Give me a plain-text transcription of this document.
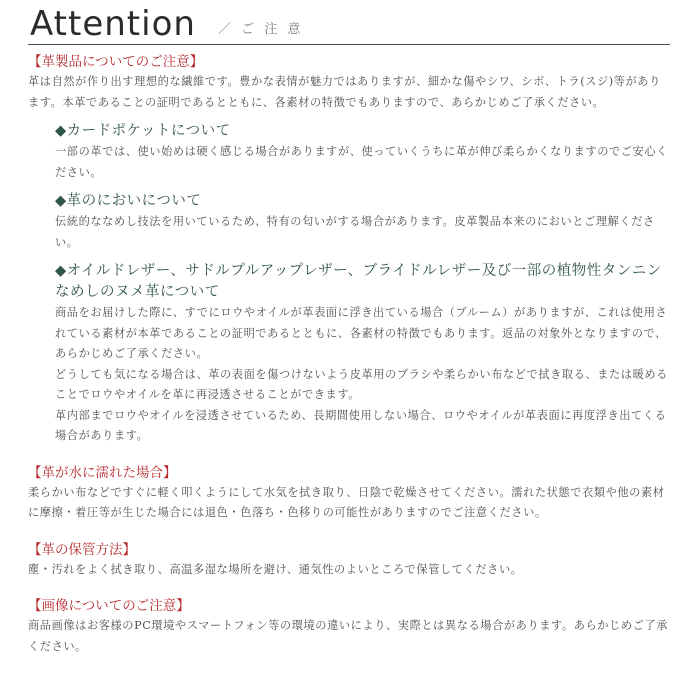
Attention ／ ご 注 意

【革製品についてのご注意】

革は自然が作り出す理想的な繊維です。豊かな表情が魅力ではありますが、細かな傷やシワ、シボ、トラ(スジ)等があります。本革であることの証明であるとともに、各素材の特徴でもありますので、あらかじめご了承ください。

◆カードポケットについて

一部の革では、使い始めは硬く感じる場合がありますが、使っていくうちに革が伸び柔らかくなりますのでご安心ください。

◆革のにおいについて

伝統的ななめし技法を用いているため、特有の匂いがする場合があります。皮革製品本来のにおいとご理解ください。

◆オイルドレザー、サドルプルアップレザー、ブライドルレザー及び一部の植物性タンニンなめしのヌメ革について

商品をお届けした際に、すでにロウやオイルが革表面に浮き出ている場合（ブルーム）がありますが、これは使用されている素材が本革であることの証明であるとともに、各素材の特徴でもあります。返品の対象外となりますので、あらかじめご了承ください。

どうしても気になる場合は、革の表面を傷つけないよう皮革用のブラシや柔らかい布などで拭き取る、または暖めることでロウやオイルを革に再浸透させることができます。

革内部までロウやオイルを浸透させているため、長期間使用しない場合、ロウやオイルが革表面に再度浮き出てくる場合があります。

【革が水に濡れた場合】

柔らかい布などですぐに軽く叩くようにして水気を拭き取り、日陰で乾燥させてください。濡れた状態で衣類や他の素材に摩擦・着圧等が生じた場合には退色・色落ち・色移りの可能性がありますのでご注意ください。

【革の保管方法】

塵・汚れをよく拭き取り、高温多湿な場所を避け、通気性のよいところで保管してください。

【画像についてのご注意】

商品画像はお客様のPC環境やスマートフォン等の環境の違いにより、実際とは異なる場合があります。あらかじめご了承ください。
